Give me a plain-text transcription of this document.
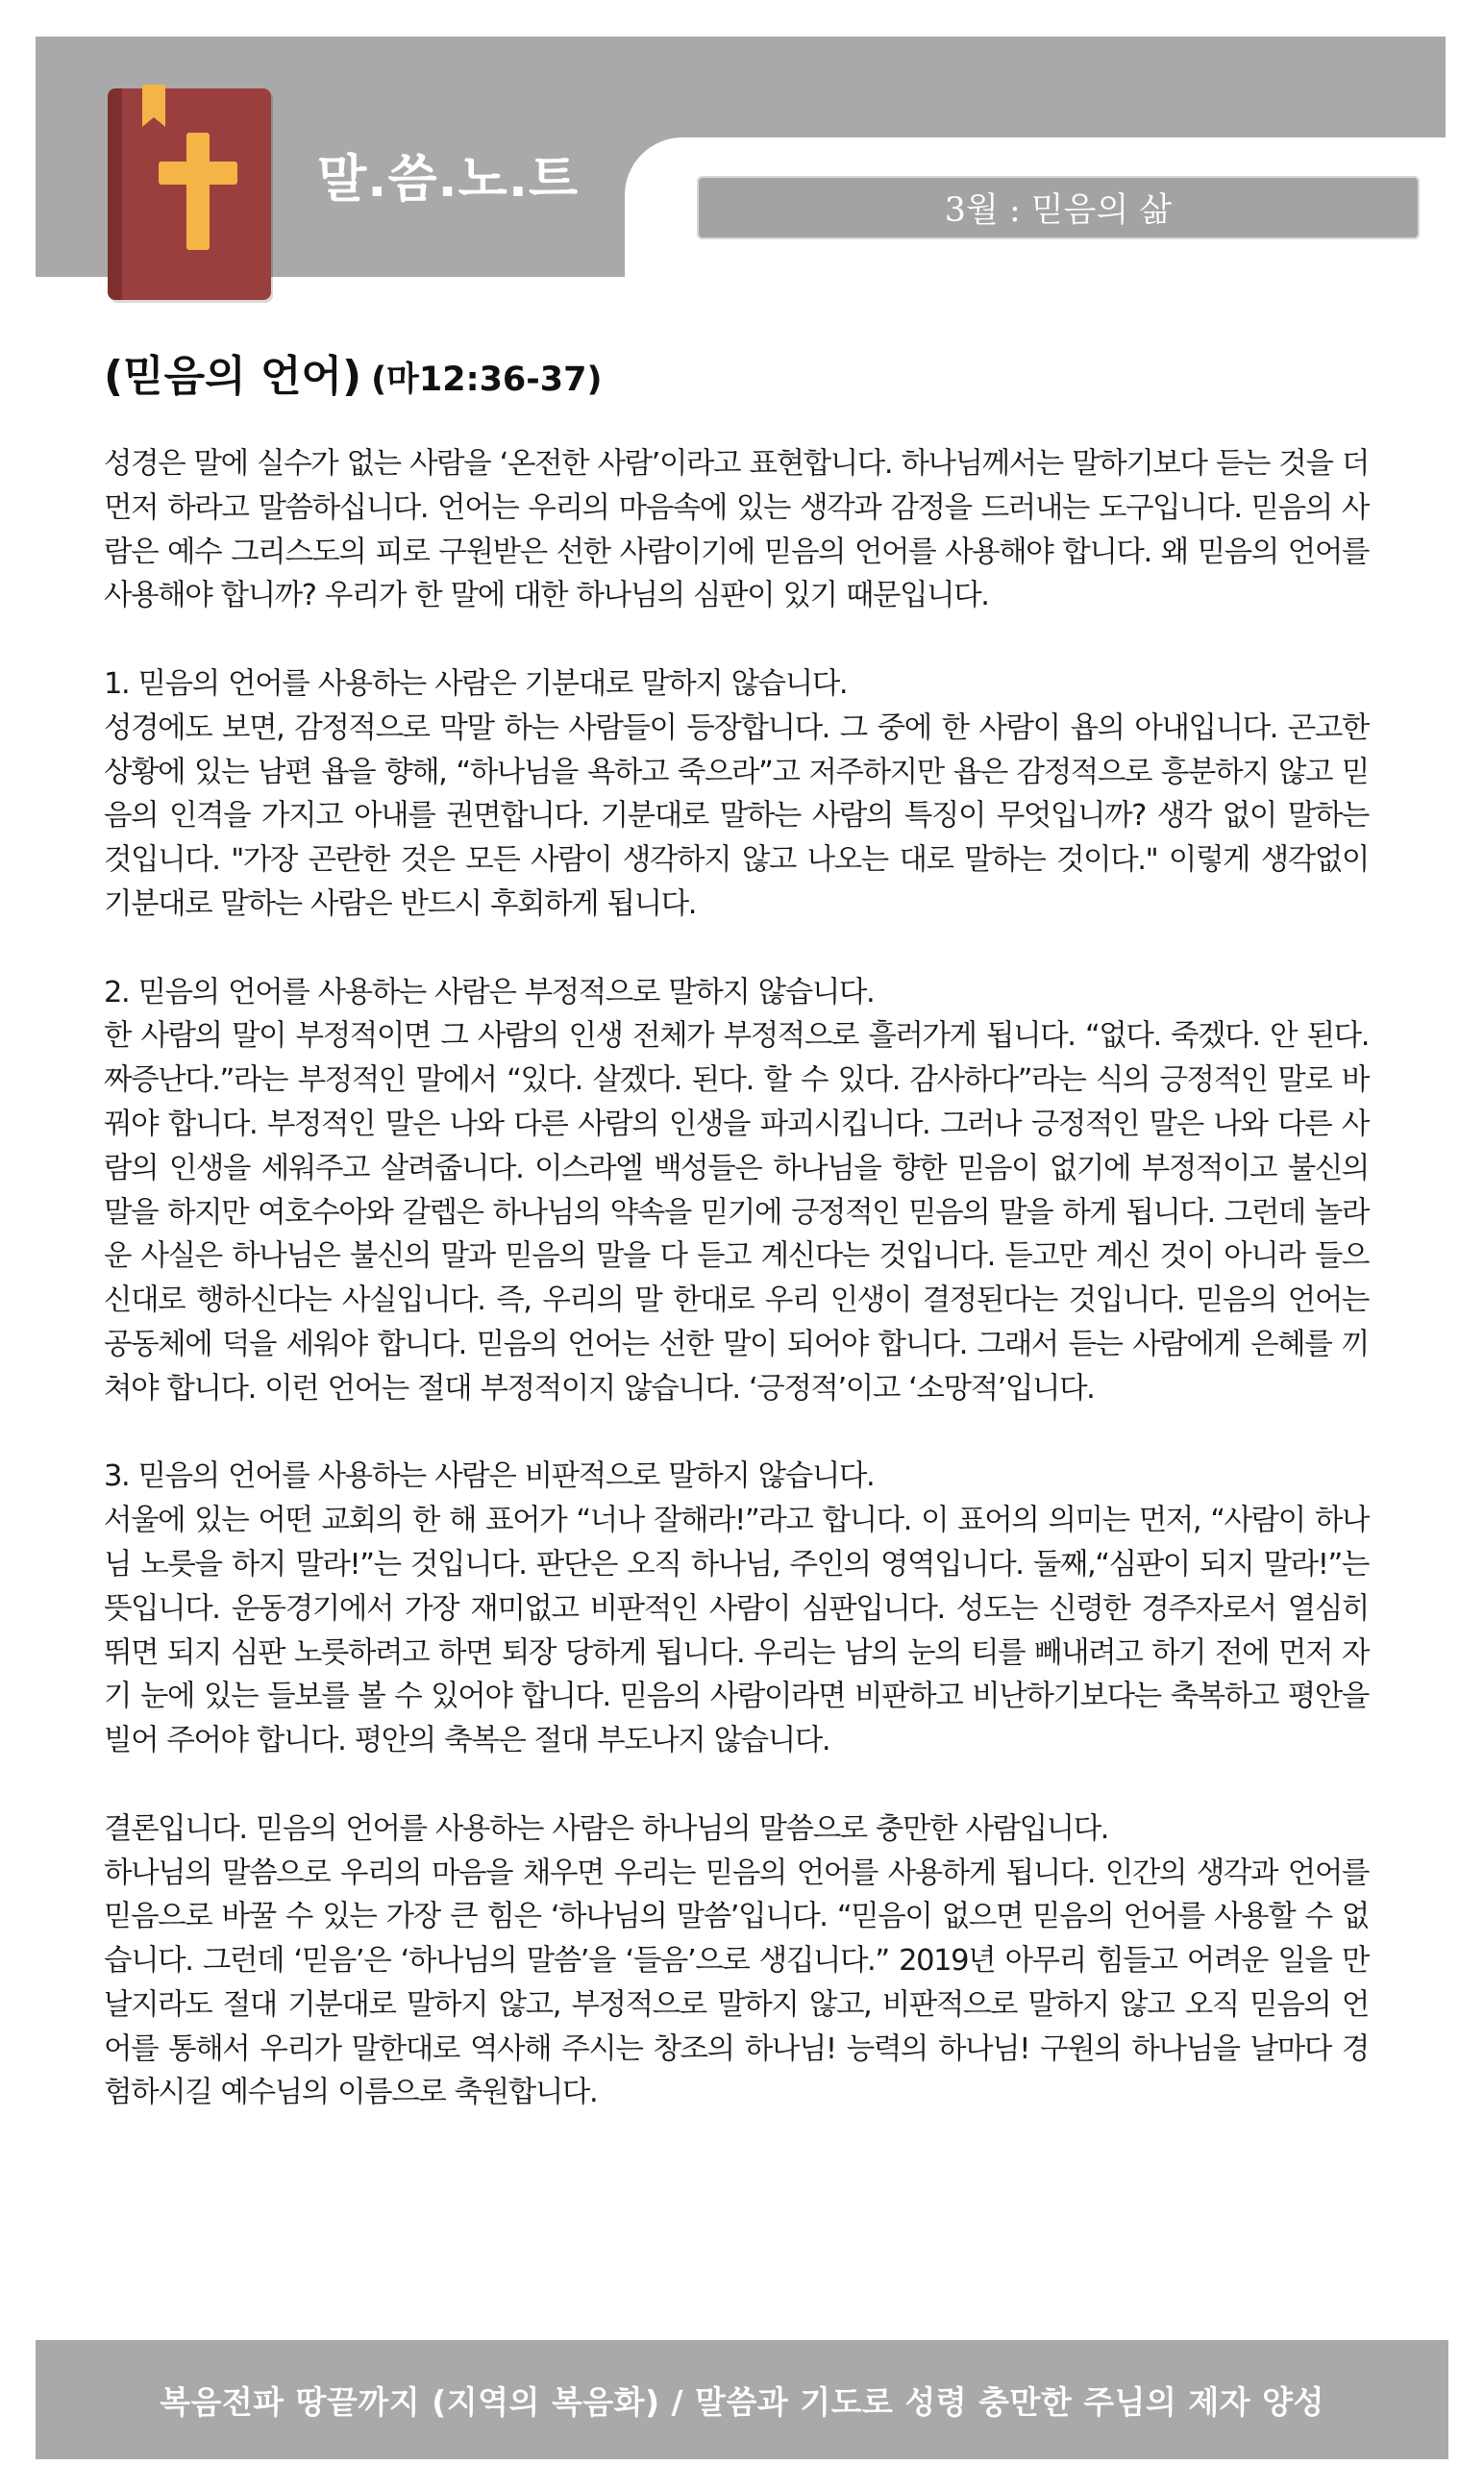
말.씀.노.트
3월 : 믿음의 삶
(믿음의 언어) (마12:36-37)

성경은 말에 실수가 없는 사람을 ‘온전한 사람’이라고 표현합니다. 하나님께서는 말하기보다 듣는 것을 더 먼저 하라고 말씀하십니다. 언어는 우리의 마음속에 있는 생각과 감정을 드러내는 도구입니다. 믿음의 사람은 예수 그리스도의 피로 구원받은 선한 사람이기에 믿음의 언어를 사용해야 합니다. 왜 믿음의 언어를 사용해야 합니까? 우리가 한 말에 대한 하나님의 심판이 있기 때문입니다.

1. 믿음의 언어를 사용하는 사람은 기분대로 말하지 않습니다.

성경에도 보면, 감정적으로 막말 하는 사람들이 등장합니다. 그 중에 한 사람이 욥의 아내입니다. 곤고한 상황에 있는 남편 욥을 향해, “하나님을 욕하고 죽으라”고 저주하지만 욥은 감정적으로 흥분하지 않고 믿음의 인격을 가지고 아내를 권면합니다. 기분대로 말하는 사람의 특징이 무엇입니까? 생각 없이 말하는 것입니다. "가장 곤란한 것은 모든 사람이 생각하지 않고 나오는 대로 말하는 것이다." 이렇게 생각없이 기분대로 말하는 사람은 반드시 후회하게 됩니다.

2. 믿음의 언어를 사용하는 사람은 부정적으로 말하지 않습니다.

한 사람의 말이 부정적이면 그 사람의 인생 전체가 부정적으로 흘러가게 됩니다. “없다. 죽겠다. 안 된다. 짜증난다.”라는 부정적인 말에서 “있다. 살겠다. 된다. 할 수 있다. 감사하다”라는 식의 긍정적인 말로 바꿔야 합니다. 부정적인 말은 나와 다른 사람의 인생을 파괴시킵니다. 그러나 긍정적인 말은 나와 다른 사람의 인생을 세워주고 살려줍니다. 이스라엘 백성들은 하나님을 향한 믿음이 없기에 부정적이고 불신의 말을 하지만 여호수아와 갈렙은 하나님의 약속을 믿기에 긍정적인 믿음의 말을 하게 됩니다. 그런데 놀라운 사실은 하나님은 불신의 말과 믿음의 말을 다 듣고 계신다는 것입니다. 듣고만 계신 것이 아니라 들으신대로 행하신다는 사실입니다. 즉, 우리의 말 한대로 우리 인생이 결정된다는 것입니다. 믿음의 언어는 공동체에 덕을 세워야 합니다. 믿음의 언어는 선한 말이 되어야 합니다. 그래서 듣는 사람에게 은혜를 끼쳐야 합니다. 이런 언어는 절대 부정적이지 않습니다. ‘긍정적’이고 ‘소망적’입니다.

3. 믿음의 언어를 사용하는 사람은 비판적으로 말하지 않습니다.

서울에 있는 어떤 교회의 한 해 표어가 “너나 잘해라!”라고 합니다. 이 표어의 의미는 먼저, “사람이 하나님 노릇을 하지 말라!”는 것입니다. 판단은 오직 하나님, 주인의 영역입니다. 둘째,“심판이 되지 말라!”는 뜻입니다. 운동경기에서 가장 재미없고 비판적인 사람이 심판입니다. 성도는 신령한 경주자로서 열심히 뛰면 되지 심판 노릇하려고 하면 퇴장 당하게 됩니다. 우리는 남의 눈의 티를 빼내려고 하기 전에 먼저 자기 눈에 있는 들보를 볼 수 있어야 합니다. 믿음의 사람이라면 비판하고 비난하기보다는 축복하고 평안을 빌어 주어야 합니다. 평안의 축복은 절대 부도나지 않습니다.

결론입니다. 믿음의 언어를 사용하는 사람은 하나님의 말씀으로 충만한 사람입니다.

하나님의 말씀으로 우리의 마음을 채우면 우리는 믿음의 언어를 사용하게 됩니다. 인간의 생각과 언어를 믿음으로 바꿀 수 있는 가장 큰 힘은 ‘하나님의 말씀’입니다. “믿음이 없으면 믿음의 언어를 사용할 수 없습니다. 그런데 ‘믿음’은 ‘하나님의 말씀’을 ‘들음’으로 생깁니다.” 2019년 아무리 힘들고 어려운 일을 만날지라도 절대 기분대로 말하지 않고, 부정적으로 말하지 않고, 비판적으로 말하지 않고 오직 믿음의 언어를 통해서 우리가 말한대로 역사해 주시는 창조의 하나님! 능력의 하나님! 구원의 하나님을 날마다 경험하시길 예수님의 이름으로 축원합니다.

복음전파 땅끝까지 (지역의 복음화) / 말씀과 기도로 성령 충만한 주님의 제자 양성
